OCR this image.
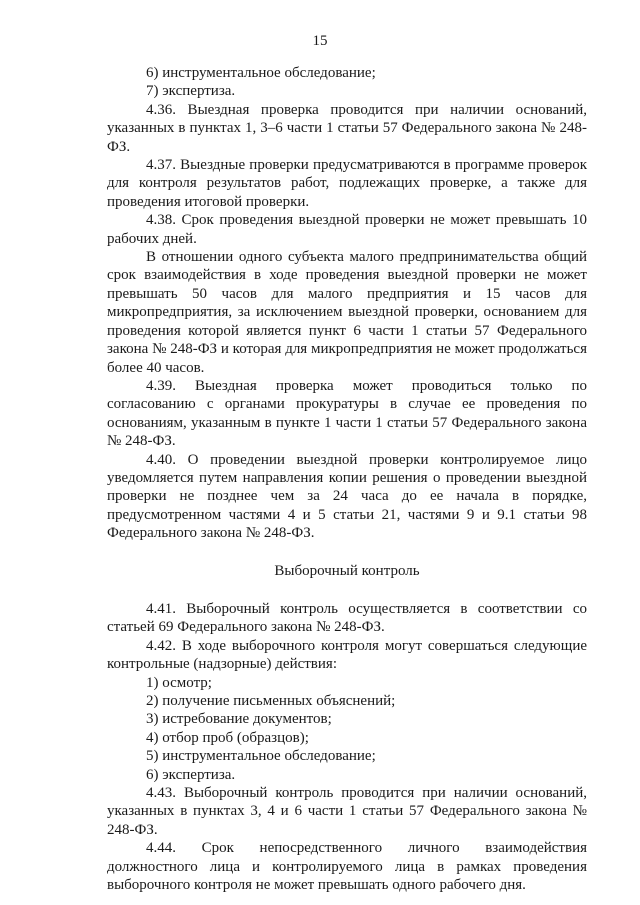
15

6) инструментальное обследование;

7) экспертиза.

4.36. Выездная проверка проводится при наличии оснований, указанных в пунктах 1, 3–6 части 1 статьи 57 Федерального закона № 248-ФЗ.

4.37. Выездные проверки предусматриваются в программе проверок для контроля результатов работ, подлежащих проверке, а также для проведения итоговой проверки.

4.38. Срок проведения выездной проверки не может превышать 10 рабочих дней.

В отношении одного субъекта малого предпринимательства общий срок взаимодействия в ходе проведения выездной проверки не может превышать 50 часов для малого предприятия и 15 часов для микропредприятия, за исключением выездной проверки, основанием для проведения которой является пункт 6 части 1 статьи 57 Федерального закона № 248-ФЗ и которая для микропредприятия не может продолжаться более 40 часов.

4.39. Выездная проверка может проводиться только по согласованию с органами прокуратуры в случае ее проведения по основаниям, указанным в пункте 1 части 1 статьи 57 Федерального закона № 248-ФЗ.

4.40. О проведении выездной проверки контролируемое лицо уведомляется путем направления копии решения о проведении выездной проверки не позднее чем за 24 часа до ее начала в порядке, предусмотренном частями 4 и 5 статьи 21, частями 9 и 9.1 статьи 98 Федерального закона № 248-ФЗ.

Выборочный контроль

4.41. Выборочный контроль осуществляется в соответствии со статьей 69 Федерального закона № 248-ФЗ.

4.42. В ходе выборочного контроля могут совершаться следующие контрольные (надзорные) действия:

1) осмотр;

2) получение письменных объяснений;

3) истребование документов;

4) отбор проб (образцов);

5) инструментальное обследование;

6) экспертиза.

4.43. Выборочный контроль проводится при наличии оснований, указанных в пунктах 3, 4 и 6 части 1 статьи 57 Федерального закона № 248-ФЗ.

4.44. Срок непосредственного личного взаимодействия должностного лица и контролируемого лица в рамках проведения выборочного контроля не может превышать одного рабочего дня.
